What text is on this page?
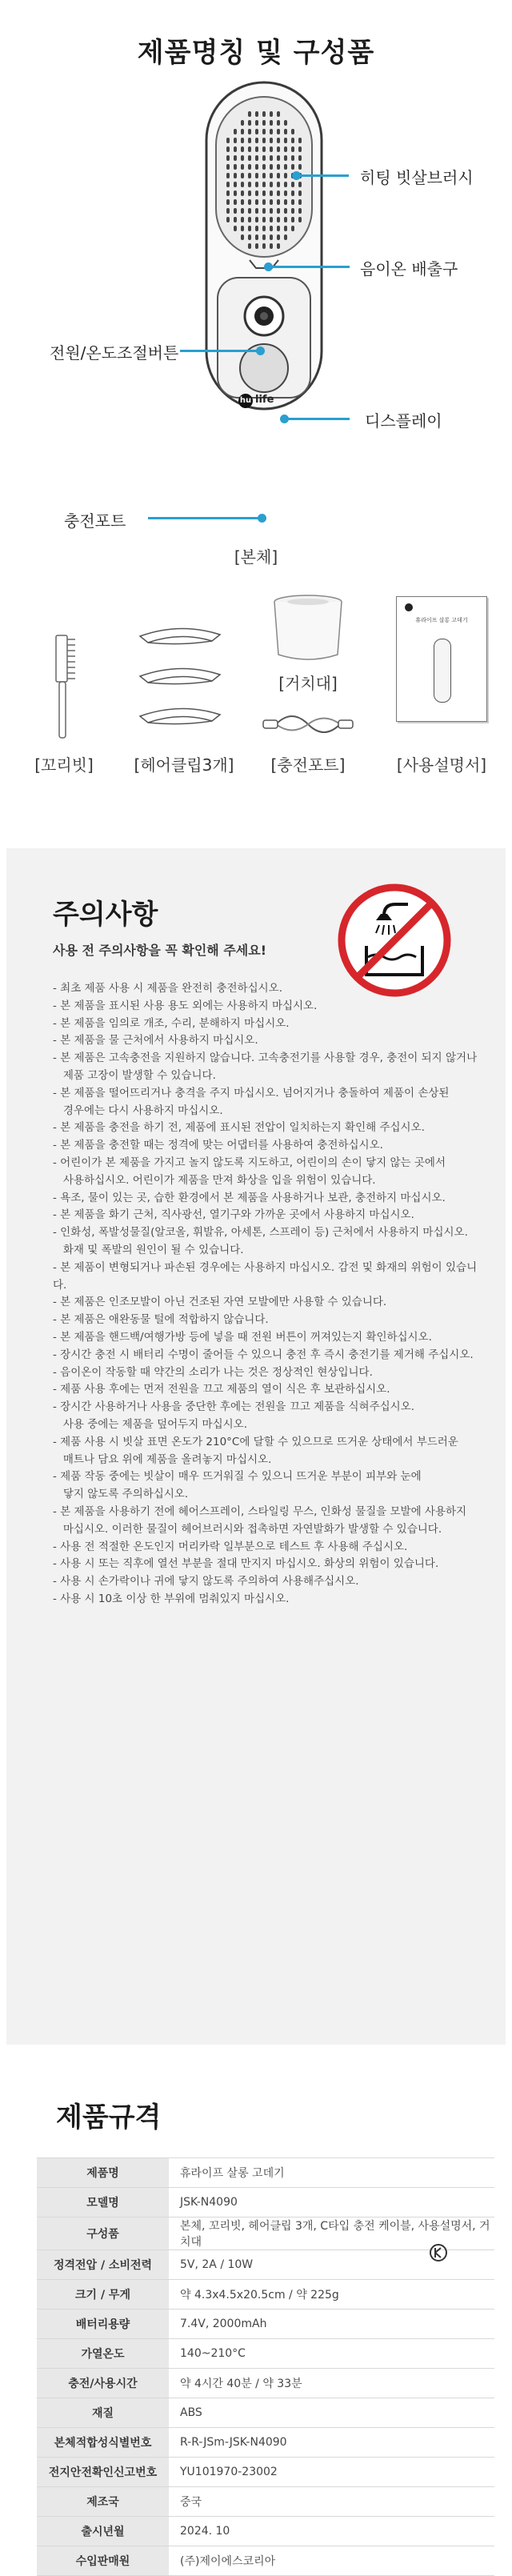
제품명칭 및 구성품
hu life
히팅 빗살브러시
음이온 배출구
전원/온도조절버튼
디스플레이
충전포트
[본체]
[거치대]
[꼬리빗]	[헤어클립3개]	[충전포트]
휴라이프 살롱 고데기
[사용설명서]
주의사항
사용 전 주의사항을 꼭 확인해 주세요!
- 최초 제품 사용 시 제품을 완전히 충전하십시오.
- 본 제품을 표시된 사용 용도 외에는 사용하지 마십시오.
- 본 제품을 임의로 개조, 수리, 분해하지 마십시오.
- 본 제품을 물 근처에서 사용하지 마십시오.
- 본 제품은 고속충전을 지원하지 않습니다. 고속충전기를 사용할 경우, 충전이 되지 않거나
제품 고장이 발생할 수 있습니다.
- 본 제품을 떨어뜨리거나 충격을 주지 마십시오. 넘어지거나 충돌하여 제품이 손상된
경우에는 다시 사용하지 마십시오.
- 본 제품을 충전을 하기 전, 제품에 표시된 전압이 일치하는지 확인해 주십시오.
- 본 제품을 충전할 때는 정격에 맞는 어댑터를 사용하여 충전하십시오.
- 어린이가 본 제품을 가지고 놀지 않도록 지도하고, 어린이의 손이 닿지 않는 곳에서
사용하십시오. 어린이가 제품을 만져 화상을 입을 위험이 있습니다.
- 욕조, 물이 있는 곳, 습한 환경에서 본 제품을 사용하거나 보관, 충전하지 마십시오.
- 본 제품을 화기 근처, 직사광선, 열기구와 가까운 곳에서 사용하지 마십시오.
- 인화성, 폭발성물질(알코올, 휘발유, 아세톤, 스프레이 등) 근처에서 사용하지 마십시오.
화재 및 폭발의 원인이 될 수 있습니다.
- 본 제품이 변형되거나 파손된 경우에는 사용하지 마십시오. 감전 및 화재의 위험이 있습니다.
- 본 제품은 인조모발이 아닌 건조된 자연 모발에만 사용할 수 있습니다.
- 본 제품은 애완동물 털에 적합하지 않습니다.
- 본 제품을 핸드백/여행가방 등에 넣을 때 전원 버튼이 꺼져있는지 확인하십시오.
- 장시간 충전 시 배터리 수명이 줄어들 수 있으니 충전 후 즉시 충전기를 제거해 주십시오.
- 음이온이 작동할 때 약간의 소리가 나는 것은 정상적인 현상입니다.
- 제품 사용 후에는 먼저 전원을 끄고 제품의 열이 식은 후 보관하십시오.
- 장시간 사용하거나 사용을 중단한 후에는 전원을 끄고 제품을 식혀주십시오.
사용 중에는 제품을 덮어두지 마십시오.
- 제품 사용 시 빗살 표면 온도가 210°C에 달할 수 있으므로 뜨거운 상태에서 부드러운
매트나 담요 위에 제품을 올려놓지 마십시오.
- 제품 작동 중에는 빗살이 매우 뜨거워질 수 있으니 뜨거운 부분이 피부와 눈에
닿지 않도록 주의하십시오.
- 본 제품을 사용하기 전에 헤어스프레이, 스타일링 무스, 인화성 물질을 모발에 사용하지
마십시오. 이러한 물질이 헤어브러시와 접촉하면 자연발화가 발생할 수 있습니다.
- 사용 전 적절한 온도인지 머리카락 일부분으로 테스트 후 사용해 주십시오.
- 사용 시 또는 직후에 열선 부분을 절대 만지지 마십시오. 화상의 위험이 있습니다.
- 사용 시 손가락이나 귀에 닿지 않도록 주의하여 사용해주십시오.
- 사용 시 10초 이상 한 부위에 멈춰있지 마십시오.
제품규격
제품명	휴라이프 살롱 고데기
모델명	JSK-N4090
구성품	본체, 꼬리빗, 헤어클립 3개, C타입 충전 케이블, 사용설명서, 거치대
정격전압 / 소비전력	5V, 2A / 10W
크기 / 무게	약 4.3x4.5x20.5cm / 약 225g
배터리용량	7.4V, 2000mAh
가열온도	140~210°C
충전/사용시간	약 4시간 40분 / 약 33분
재질	ABS
본체적합성식별번호	R-R-JSm-JSK-N4090
전지안전확인신고번호	YU101970-23002
제조국	중국
출시년월	2024. 10
수입판매원	(주)제이에스코리아
